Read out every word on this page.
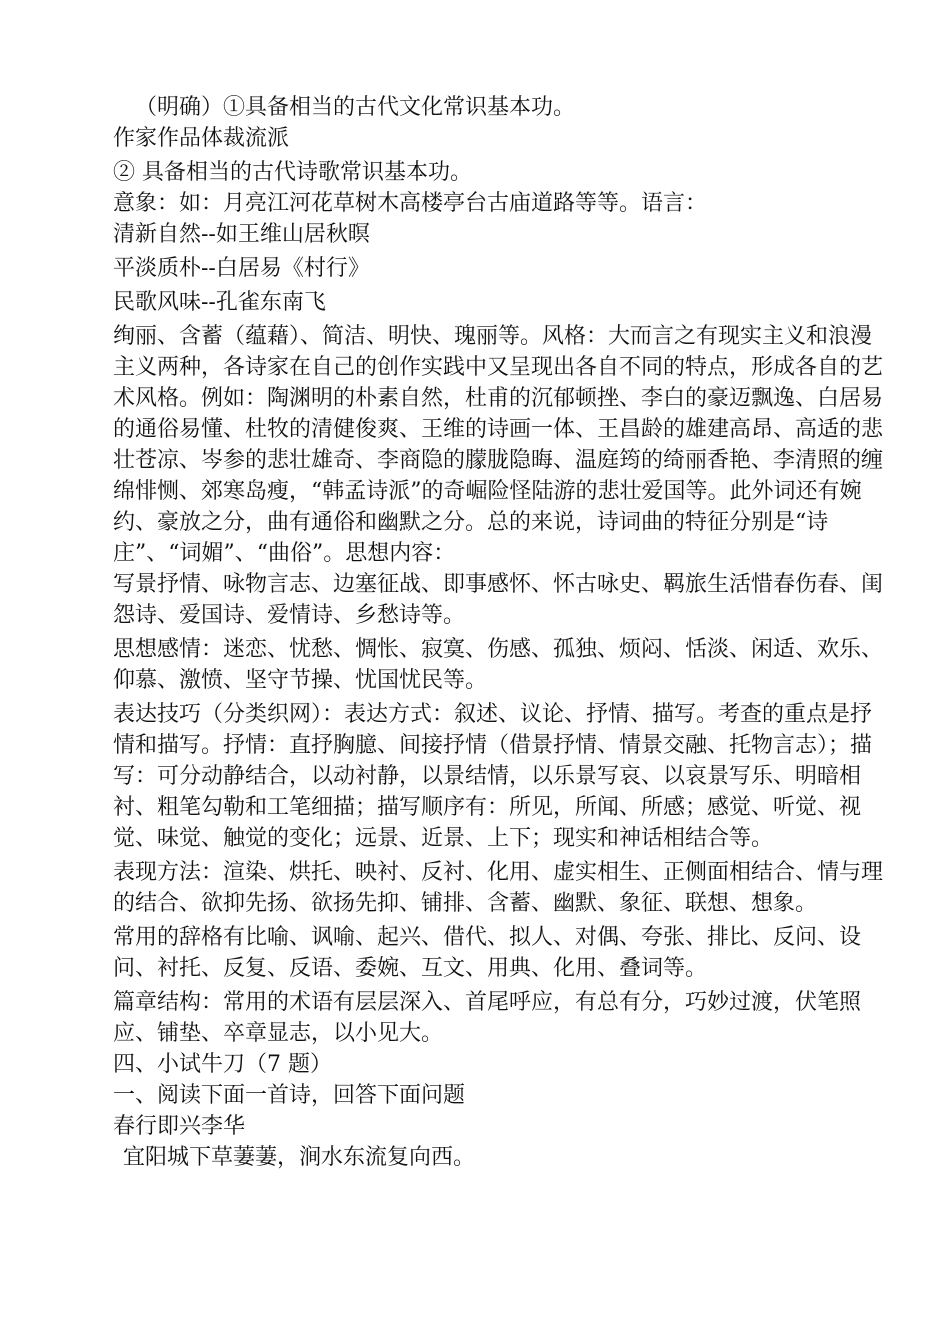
（明确）①具备相当的古代文化常识基本功。

作家作品体裁流派

② 具备相当的古代诗歌常识基本功。

意象：如：月亮江河花草树木高楼亭台古庙道路等等。语言：

清新自然--如王维山居秋暝

平淡质朴--白居易《村行》

民歌风味--孔雀东南飞

绚丽、含蓄（蕴藉）、简洁、明快、瑰丽等。风格：大而言之有现实主义和浪漫主义两种，各诗家在自己的创作实践中又呈现出各自不同的特点，形成各自的艺术风格。例如：陶渊明的朴素自然，杜甫的沉郁顿挫、李白的豪迈飘逸、白居易的通俗易懂、杜牧的清健俊爽、王维的诗画一体、王昌龄的雄建高昂、高适的悲壮苍凉、岑参的悲壮雄奇、李商隐的朦胧隐晦、温庭筠的绮丽香艳、李清照的缠绵悱恻、郊寒岛瘦，“韩孟诗派”的奇崛险怪陆游的悲壮爱国等。此外词还有婉约、豪放之分，曲有通俗和幽默之分。总的来说，诗词曲的特征分别是“诗庄”、“词媚”、“曲俗”。思想内容：

写景抒情、咏物言志、边塞征战、即事感怀、怀古咏史、羁旅生活惜春伤春、闺怨诗、爱国诗、爱情诗、乡愁诗等。

思想感情：迷恋、忧愁、惆怅、寂寞、伤感、孤独、烦闷、恬淡、闲适、欢乐、仰慕、激愤、坚守节操、忧国忧民等。

表达技巧（分类织网）：表达方式：叙述、议论、抒情、描写。考查的重点是抒情和描写。抒情：直抒胸臆、间接抒情（借景抒情、情景交融、托物言志）；描写：可分动静结合，以动衬静，以景结情，以乐景写哀、以哀景写乐、明暗相衬、粗笔勾勒和工笔细描；描写顺序有：所见，所闻、所感；感觉、听觉、视觉、味觉、触觉的变化；远景、近景、上下；现实和神话相结合等。

表现方法：渲染、烘托、映衬、反衬、化用、虚实相生、正侧面相结合、情与理的结合、欲抑先扬、欲扬先抑、铺排、含蓄、幽默、象征、联想、想象。

常用的辞格有比喻、讽喻、起兴、借代、拟人、对偶、夸张、排比、反问、设问、衬托、反复、反语、委婉、互文、用典、化用、叠词等。

篇章结构：常用的术语有层层深入、首尾呼应，有总有分，巧妙过渡，伏笔照应、铺垫、卒章显志，以小见大。

四、小试牛刀（7 题）

一、阅读下面一首诗，回答下面问题

春行即兴李华

宜阳城下草萋萋，涧水东流复向西。
